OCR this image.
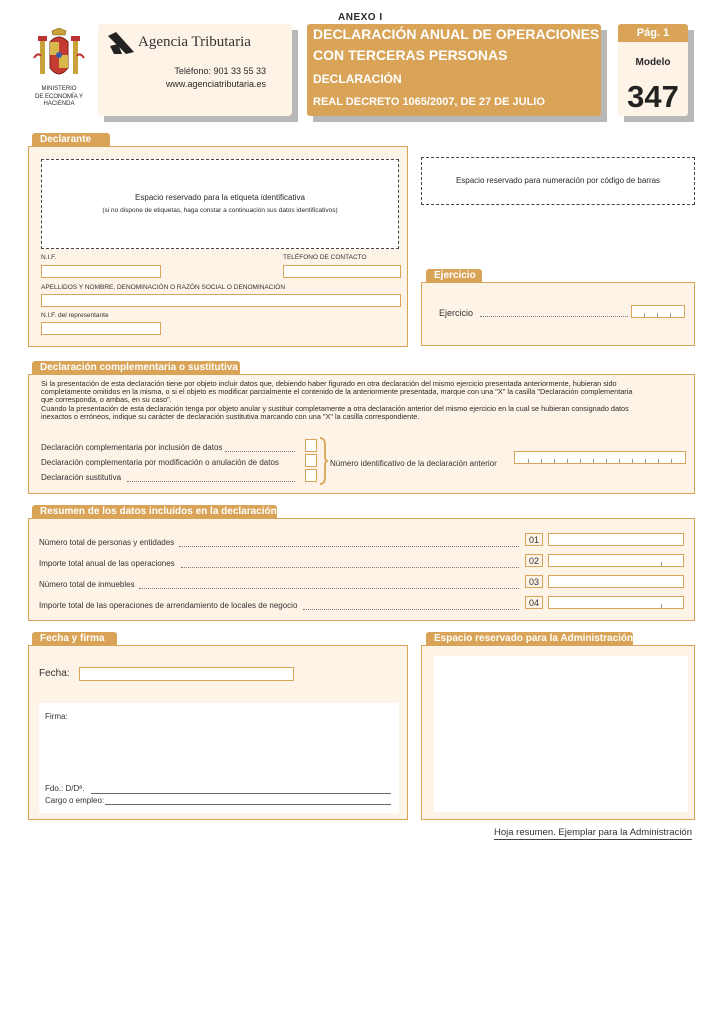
ANEXO I
MINISTERIO
DE ECONOMÍA Y
HACIENDA
Agencia Tributaria
Teléfono: 901 33 55 33
www.agenciatributaria.es
DECLARACIÓN ANUAL DE OPERACIONES
CON TERCERAS PERSONAS
DECLARACIÓN
REAL DECRETO 1065/2007, DE 27 DE JULIO
Pág. 1
Modelo
347
Declarante
Espacio reservado para la etiqueta identificativa
(si no dispone de etiquetas, haga constar a continuación sus datos identificativos)
N.I.F.	TELÉFONO DE CONTACTO
APELLIDOS Y NOMBRE, DENOMINACIÓN O RAZÓN SOCIAL O DENOMINACIÓN
N.I.F. del representante
Espacio reservado para numeración por código de barras
Ejercicio
Ejercicio
Declaración complementaria o sustitutiva
Si la presentación de esta declaración tiene por objeto incluir datos que, debiendo haber figurado en otra declaración del mismo ejercicio presentada anteriormente, hubieran sido
completamente omitidos en la misma, o si el objeto es modificar parcialmente el contenido de la anteriormente presentada, marque con una "X" la casilla "Declaración complementaria
que corresponda, o ambas, en su caso".
Cuando la presentación de esta declaración tenga por objeto anular y sustituir completamente a otra declaración anterior del mismo ejercicio en la cual se hubieran consignado datos
inexactos o erróneos, indique su carácter de declaración sustitutiva marcando con una "X" la casilla correspondiente.
Declaración complementaria por inclusión de datos
Declaración complementaria por modificación o anulación de datos
Declaración sustitutiva
Número identificativo de la declaración anterior
Resumen de los datos incluidos en la declaración
Número total de personas y entidades	01
Importe total anual de las operaciones	02
Número total de inmuebles	03
Importe total de las operaciones de arrendamiento de locales de negocio	04
Fecha y firma
Fecha:
Firma:
Fdo.: D/Dª.
Cargo o empleo:
Espacio reservado para la Administración
Hoja resumen. Ejemplar para la Administración
